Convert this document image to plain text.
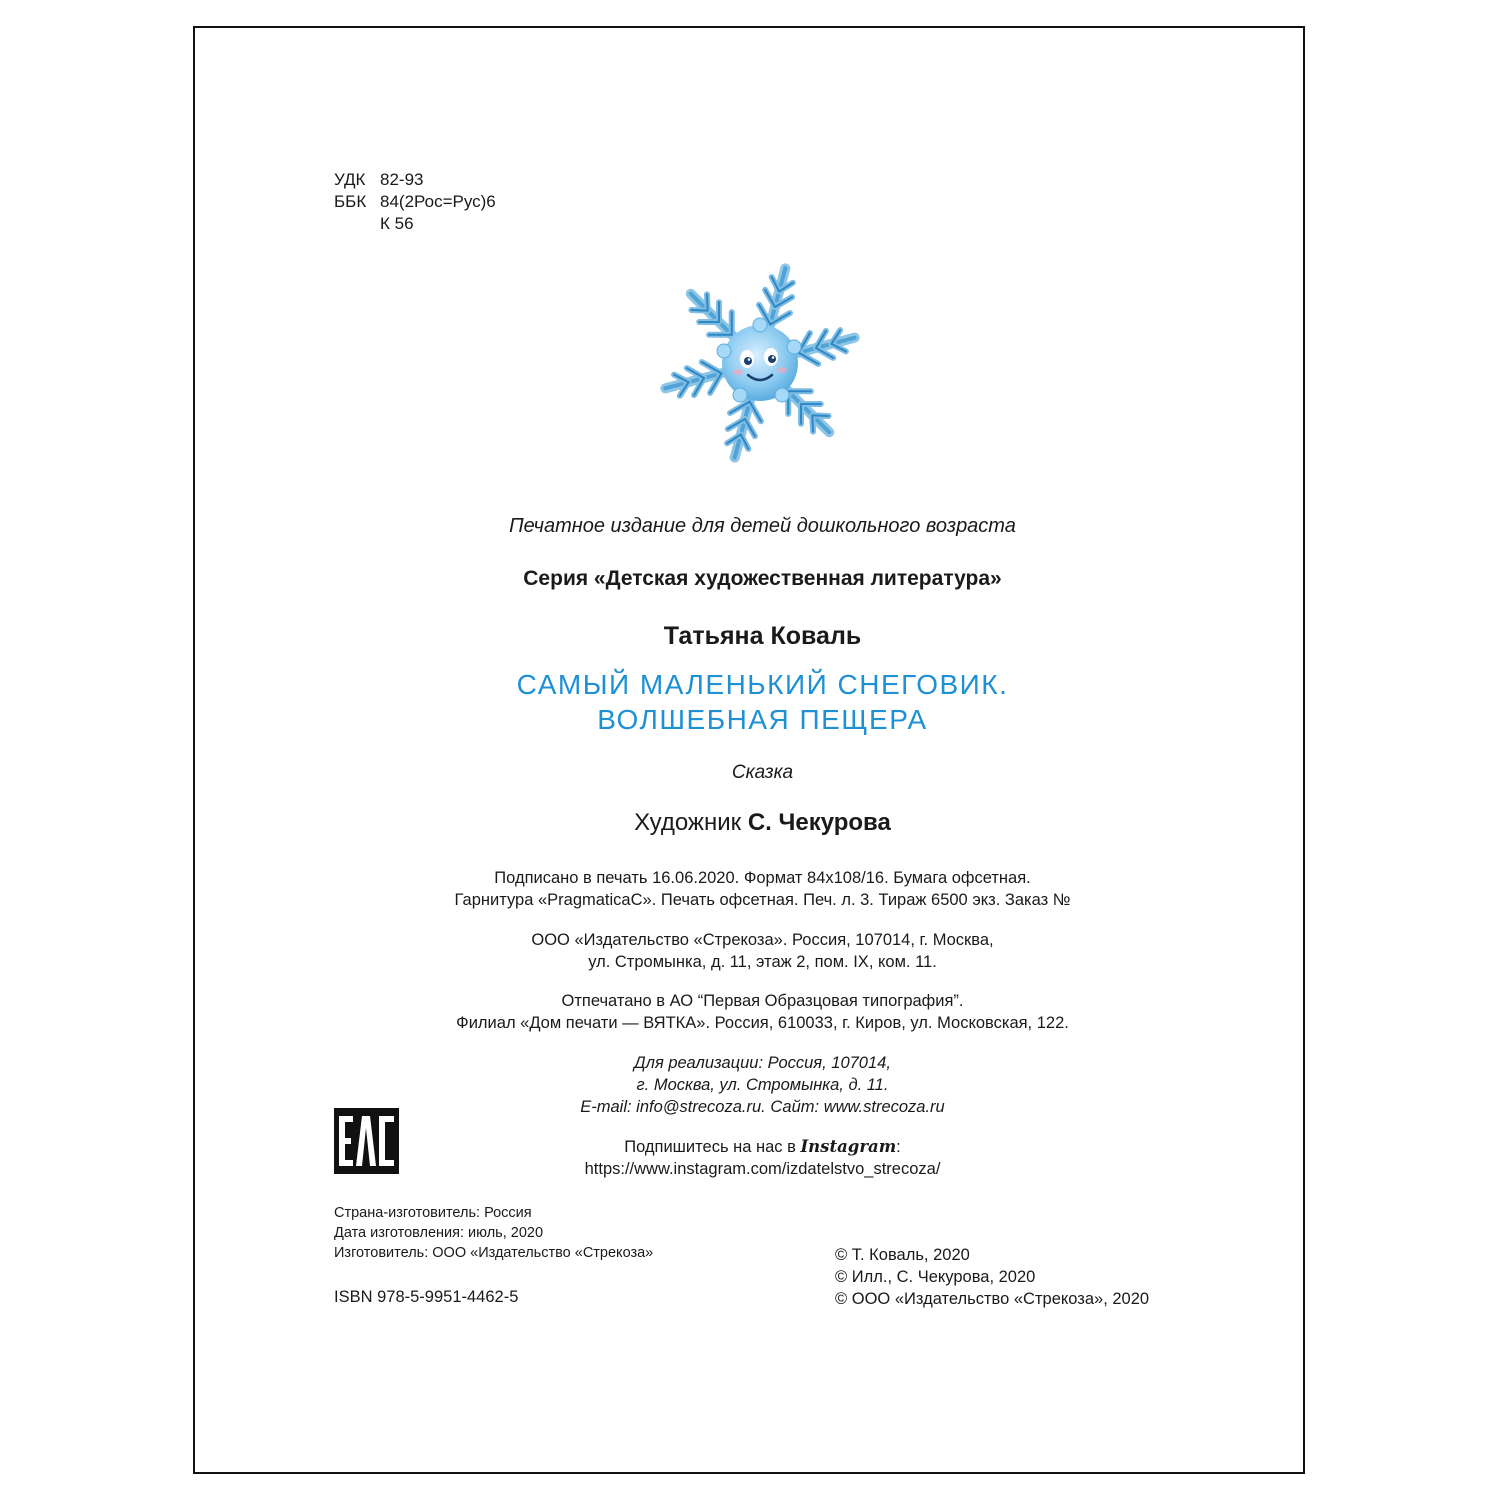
УДК 82-93
ББК 84(2Рос=Рус)6
К 56
Печатное издание для детей дошкольного возраста
Серия «Детская художественная литература»
Татьяна Коваль
САМЫЙ МАЛЕНЬКИЙ СНЕГОВИК.
ВОЛШЕБНАЯ ПЕЩЕРА
Сказка
Художник С. Чекурова
Подписано в печать 16.06.2020. Формат 84х108/16. Бумага офсетная.
Гарнитура «PragmaticaC». Печать офсетная. Печ. л. 3. Тираж 6500 экз. Заказ №
ООО «Издательство «Стрекоза». Россия, 107014, г. Москва,
ул. Стромынка, д. 11, этаж 2, пом. IX, ком. 11.
Отпечатано в АО “Первая Образцовая типография”.
Филиал «Дом печати — ВЯТКА». Россия, 610033, г. Киров, ул. Московская, 122.
Для реализации: Россия, 107014,
г. Москва, ул. Стромынка, д. 11.
E-mail: info@strecoza.ru. Сайт: www.strecoza.ru
Подпишитесь на нас в Instagram:
https://www.instagram.com/izdatelstvo_strecoza/
Страна-изготовитель: Россия
Дата изготовления: июль, 2020
Изготовитель: ООО «Издательство «Стрекоза»
ISBN 978-5-9951-4462-5
© Т. Коваль, 2020
© Илл., С. Чекурова, 2020
© ООО «Издательство «Стрекоза», 2020
